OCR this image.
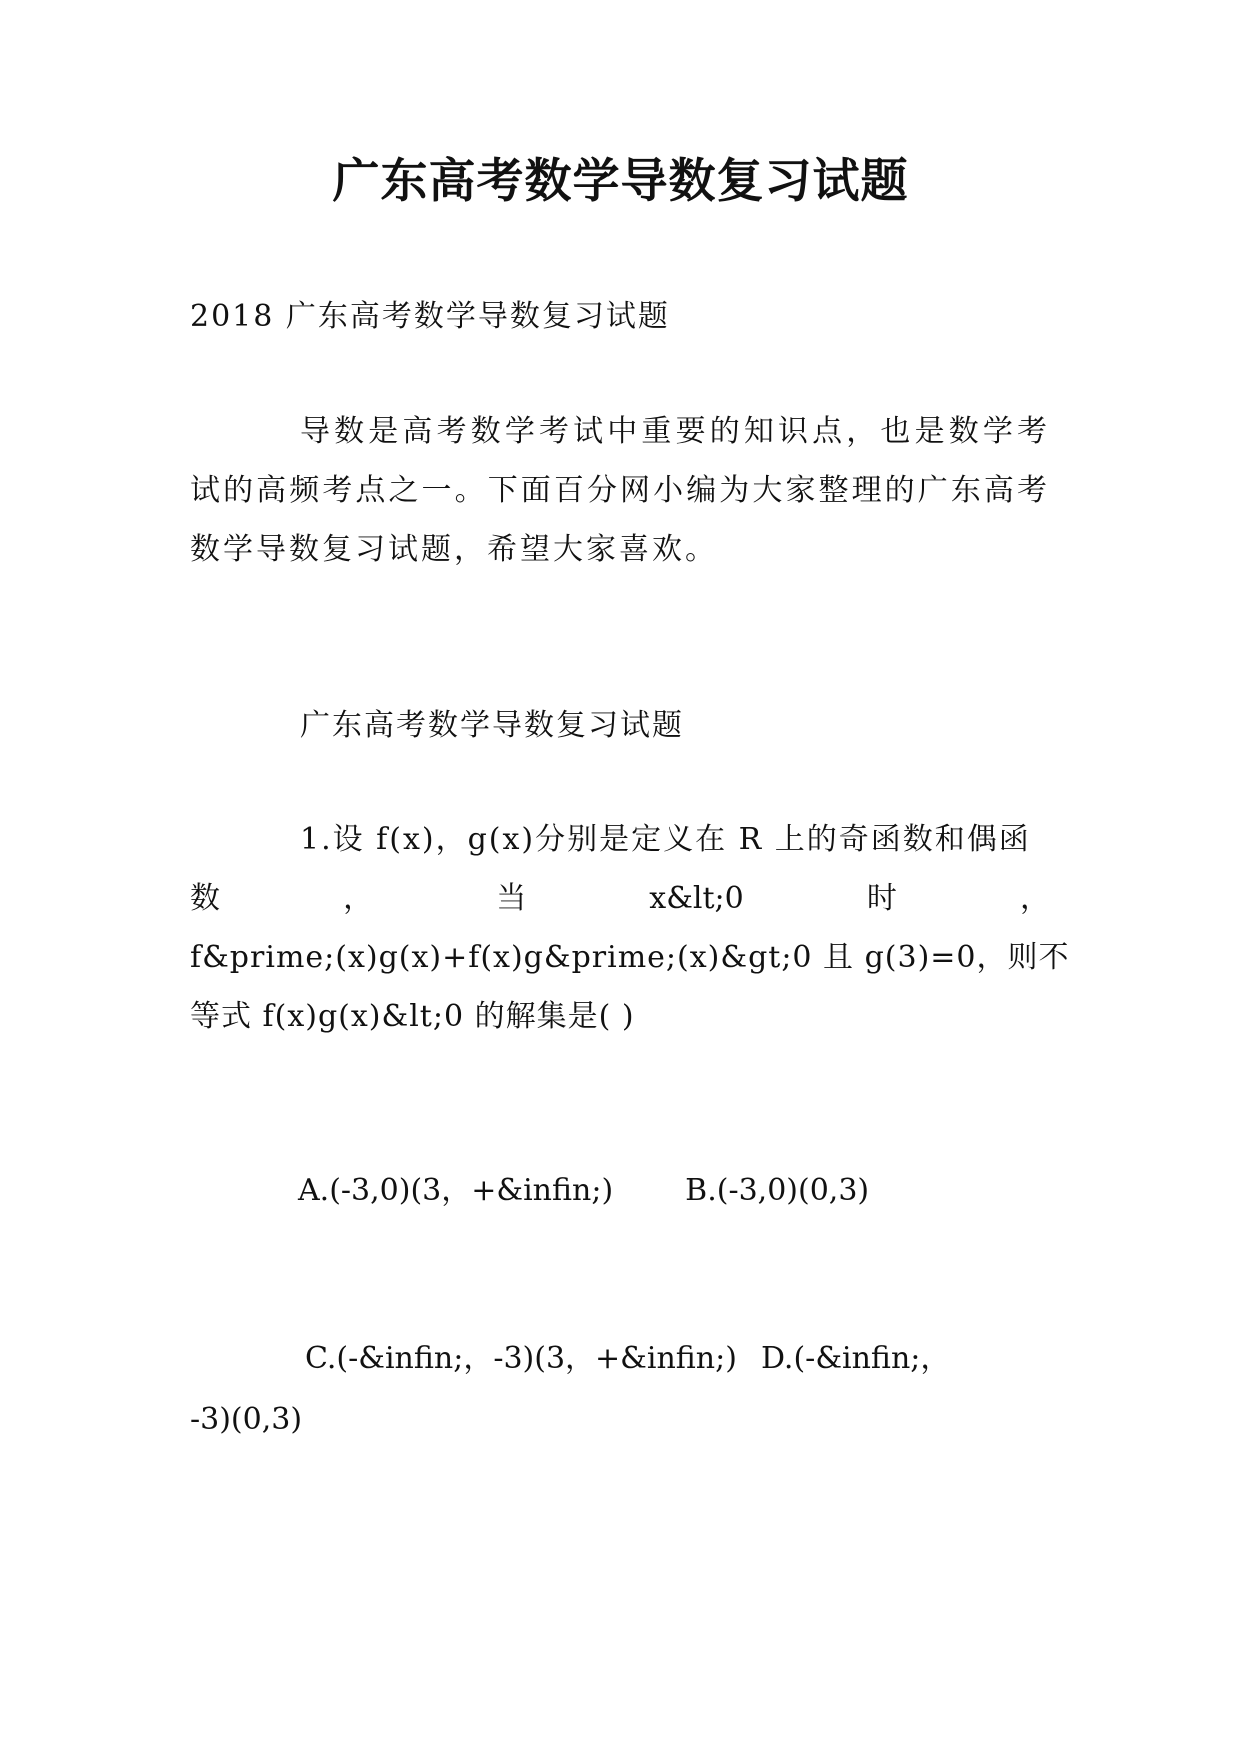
广东高考数学导数复习试题
2018 广东高考数学导数复习试题
导数是高考数学考试中重要的知识点，也是数学考试的高频考点之一。下面百分网小编为大家整理的广东高考数学导数复习试题，希望大家喜欢。
广东高考数学导数复习试题
1.设 f(x)，g(x)分别是定义在 R 上的奇函数和偶函
数	，	当	x&lt;0	时	，
f&prime;(x)g(x)+f(x)g&prime;(x)&gt;0 且 g(3)=0，则不
等式 f(x)g(x)&lt;0 的解集是( )
A.(-3,0)(3，+&infin;) B.(-3,0)(0,3)
C.(-&infin;，-3)(3，+&infin;) D.(-&infin;，
-3)(0,3)
